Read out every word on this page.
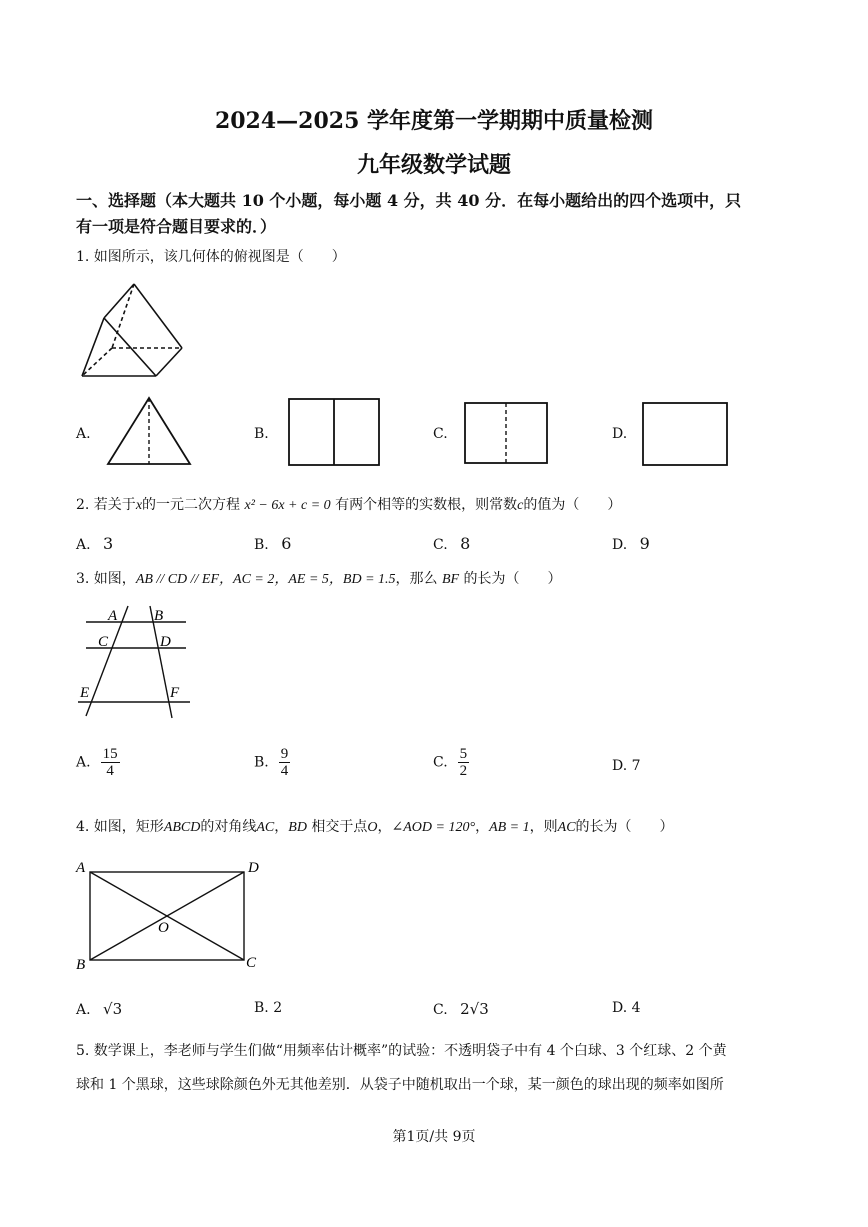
2024—2025 学年度第一学期期中质量检测
九年级数学试题
一、选择题（本大题共 10 个小题，每小题 4 分，共 40 分．在每小题给出的四个选项中，只
有一项是符合题目要求的．）
1. 如图所示，该几何体的俯视图是（　　）
A.	B.	C.	D.
2. 若关于x的一元二次方程 x² − 6x + c = 0 有两个相等的实数根，则常数c的值为（　　）
A. 3	B. 6	C. 8	D. 9
3. 如图，AB // CD // EF，AC = 2，AE = 5，BD = 1.5，那么 BF 的长为（　　）
A B
C	D
E	F
A. $\frac{15}{4}$	B. $\frac{9}{4}$	C. $\frac{5}{2}$	D. 7
4. 如图，矩形ABCD的对角线AC，BD 相交于点O，∠AOD = 120°，AB = 1，则AC的长为（　　）
A	D
B	C
O
A. √3	B. 2	C. 2√3	D. 4
5. 数学课上，李老师与学生们做“用频率估计概率”的试验：不透明袋子中有 4 个白球、3 个红球、2 个黄
球和 1 个黑球，这些球除颜色外无其他差别．从袋子中随机取出一个球，某一颜色的球出现的频率如图所
第1页/共 9页
